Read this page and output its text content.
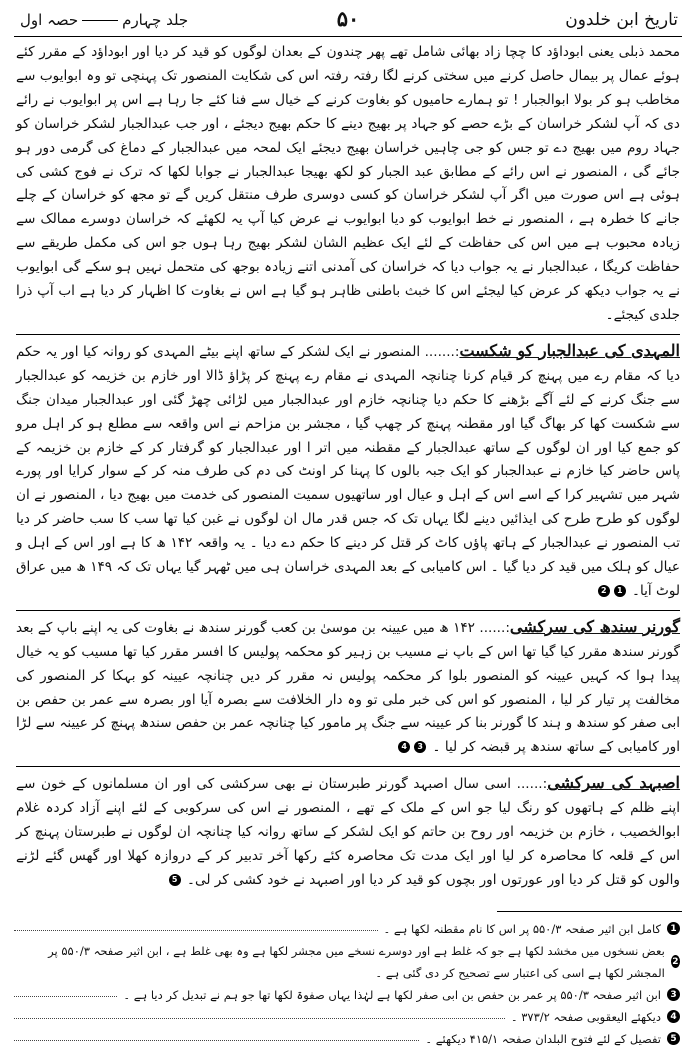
تاریخ ابن خلدون
۵۰
جلد چہارمحصہ اول

محمد ذبلی یعنی ابوداؤد کا چچا زاد بھائی شامل تھے پھر چندون کے بعدان لوگوں کو قید کر دیا اور ابوداؤد کے مقرر کئے ہوئے عمال پر بیمال حاصل کرنے میں سختی کرنے لگا رفتہ رفتہ اس کی شکایت المنصور تک پہنچی تو وہ ابوایوب سے مخاطب ہو کر بولا ابوالجبار ! تو ہمارے حامیوں کو بغاوت کرنے کے خیال سے فنا کئے جا رہا ہے اس پر ابوایوب نے رائے دی کہ آپ لشکر خراسان کے بڑے حصے کو جہاد پر بھیج دینے کا حکم بھیج دیجئے ، اور جب عبدالجبار لشکر خراسان کو جہاد روم میں بھیج دے تو جس کو جی چاہیں خراسان بھیج دیجئے ایک لمحہ میں عبدالجبار کے دماغ کی گرمی دور ہو جائے گی ، المنصور نے اس رائے کے مطابق عبد الجبار کو لکھ بھیجا عبدالجبار نے جوابا لکھا کہ ترک نے فوج کشی کی ہوئی ہے اس صورت میں اگر آپ لشکر خراسان کو کسی دوسری طرف منتقل کریں گے تو مجھ کو خراسان کے چلے جانے کا خطرہ ہے ، المنصور نے خط ابوایوب کو دیا ابوایوب نے عرض کیا آپ یہ لکھئے کہ خراسان دوسرے ممالک سے زیادہ محبوب ہے میں اس کی حفاظت کے لئے ایک عظیم الشان لشکر بھیج رہا ہوں جو اس کی مکمل طریقے سے حفاظت کریگا ، عبدالجبار نے یہ جواب دیا کہ خراسان کی آمدنی اتنے زیادہ بوجھ کی متحمل نہیں ہو سکے گی ابوایوب نے یہ جواب دیکھ کر عرض کیا لیجئے اس کا خبث باطنی ظاہر ہو گیا ہے اس نے بغاوت کا اظہار کر دیا ہے اب آپ ذرا جلدی کیجئے۔

المہدی کی عبدالجبار کو شکست:....... المنصور نے ایک لشکر کے ساتھ اپنے بیٹے المہدی کو روانہ کیا اور یہ حکم دیا کہ مقام رے میں پہنچ کر قیام کرنا چنانچہ المہدی نے مقام رے پہنچ کر پڑاؤ ڈالا اور خازم بن خزیمہ کو عبدالجبار سے جنگ کرنے کے لئے آگے بڑھنے کا حکم دیا چنانچہ خازم اور عبدالجبار میں لڑائی چھڑ گئی اور عبدالجبار میدان جنگ سے شکست کھا کر بھاگ گیا اور مقطنہ پہنچ کر چھپ گیا ، مجشر بن مزاحم نے اس واقعہ سے مطلع ہو کر اہل مرو کو جمع کیا اور ان لوگوں کے ساتھ عبدالجبار کے مقطنہ میں اتر ا اور عبدالجبار کو گرفتار کر کے خازم بن خزیمہ کے پاس حاضر کیا خازم نے عبدالجبار کو ایک جبہ بالوں کا پہنا کر اونٹ کی دم کی طرف منہ کر کے سوار کرایا اور پورے شہر میں تشہیر کرا کے اسے اس کے اہل و عیال اور ساتھیوں سمیت المنصور کی خدمت میں بھیج دیا ، المنصور نے ان لوگوں کو طرح طرح کی ایذائیں دینے لگا یہاں تک کہ جس قدر مال ان لوگوں نے غبن کیا تھا سب کا سب حاضر کر دیا تب المنصور نے عبدالجبار کے ہاتھ پاؤں کاٹ کر قتل کر دینے کا حکم دے دیا ۔ یہ واقعہ ۱۴۲ ھ کا ہے اور اس کے اہل و عیال کو ہلک میں قید کر دیا گیا ۔ اس کامیابی کے بعد المہدی خراسان ہی میں ٹھہر گیا یہاں تک کہ ۱۴۹ ھ میں عراق لوٹ آیا۔ 12

گورنر سندھ کی سرکشی:...... ۱۴۲ ھ میں عیینہ بن موسیٰ بن کعب گورنر سندھ نے بغاوت کی یہ اپنے باپ کے بعد گورنر سندھ مقرر کیا گیا تھا اس کے باپ نے مسیب بن زہیر کو محکمہ پولیس کا افسر مقرر کیا تھا مسیب کو یہ خیال پیدا ہوا کہ کہیں عیینہ کو المنصور بلوا کر محکمہ پولیس نہ مقرر کر دیں چنانچہ عیینہ کو بہکا کر المنصور کی مخالفت پر تیار کر لیا ، المنصور کو اس کی خبر ملی تو وہ دار الخلافت سے بصرہ آیا اور بصرہ سے عمر بن حفص بن ابی صفر کو سندھ و ہند کا گورنر بنا کر عیینہ سے جنگ پر مامور کیا چنانچہ عمر بن حفص سندھ پہنچ کر عیینہ سے لڑا اور کامیابی کے ساتھ سندھ پر قبضہ کر لیا ۔ 34

اصبہد کی سرکشی:...... اسی سال اصبہد گورنر طبرستان نے بھی سرکشی کی اور ان مسلمانوں کے خون سے اپنے ظلم کے ہاتھوں کو رنگ لیا جو اس کے ملک کے تھے ، المنصور نے اس کی سرکوبی کے لئے اپنے آزاد کردہ غلام ابوالخصیب ، خازم بن خزیمہ اور روح بن حاتم کو ایک لشکر کے ساتھ روانہ کیا چنانچہ ان لوگوں نے طبرستان پہنچ کر اس کے قلعہ کا محاصرہ کر لیا اور ایک مدت تک محاصرہ کئے رکھا آخر تدبیر کر کے دروازہ کھلا اور گھس گئے لڑنے والوں کو قتل کر دیا اور عورتوں اور بچوں کو قید کر دیا اور اصبہد نے خود کشی کر لی۔ 5

1
کامل ابن اثیر صفحہ ۵۵۰/۳ پر اس کا نام مقطنہ لکھا ہے ۔
2
بعض نسخوں میں مخشد لکھا ہے جو کہ غلط ہے اور دوسرے نسخے میں مجشر لکھا ہے وہ بھی غلط ہے ، ابن اثیر صفحہ ۵۵۰/۳ پر المجشر لکھا ہے اسی کی اعتبار سے تصحیح کر دی گئی ہے ۔
3
ابن اثیر صفحہ ۵۵۰/۳ پر عمر بن حفص بن ابی صفر لکھا ہے لہٰذا یہاں صفوۃ لکھا تھا جو ہم نے تبدیل کر دیا ہے ۔
4
دیکھئے الیعقوبی صفحہ ۳۷۳/۲ ۔
5
تفصیل کے لئے فتوح البلدان صفحہ ۴۱۵/۱ دیکھئے ۔
